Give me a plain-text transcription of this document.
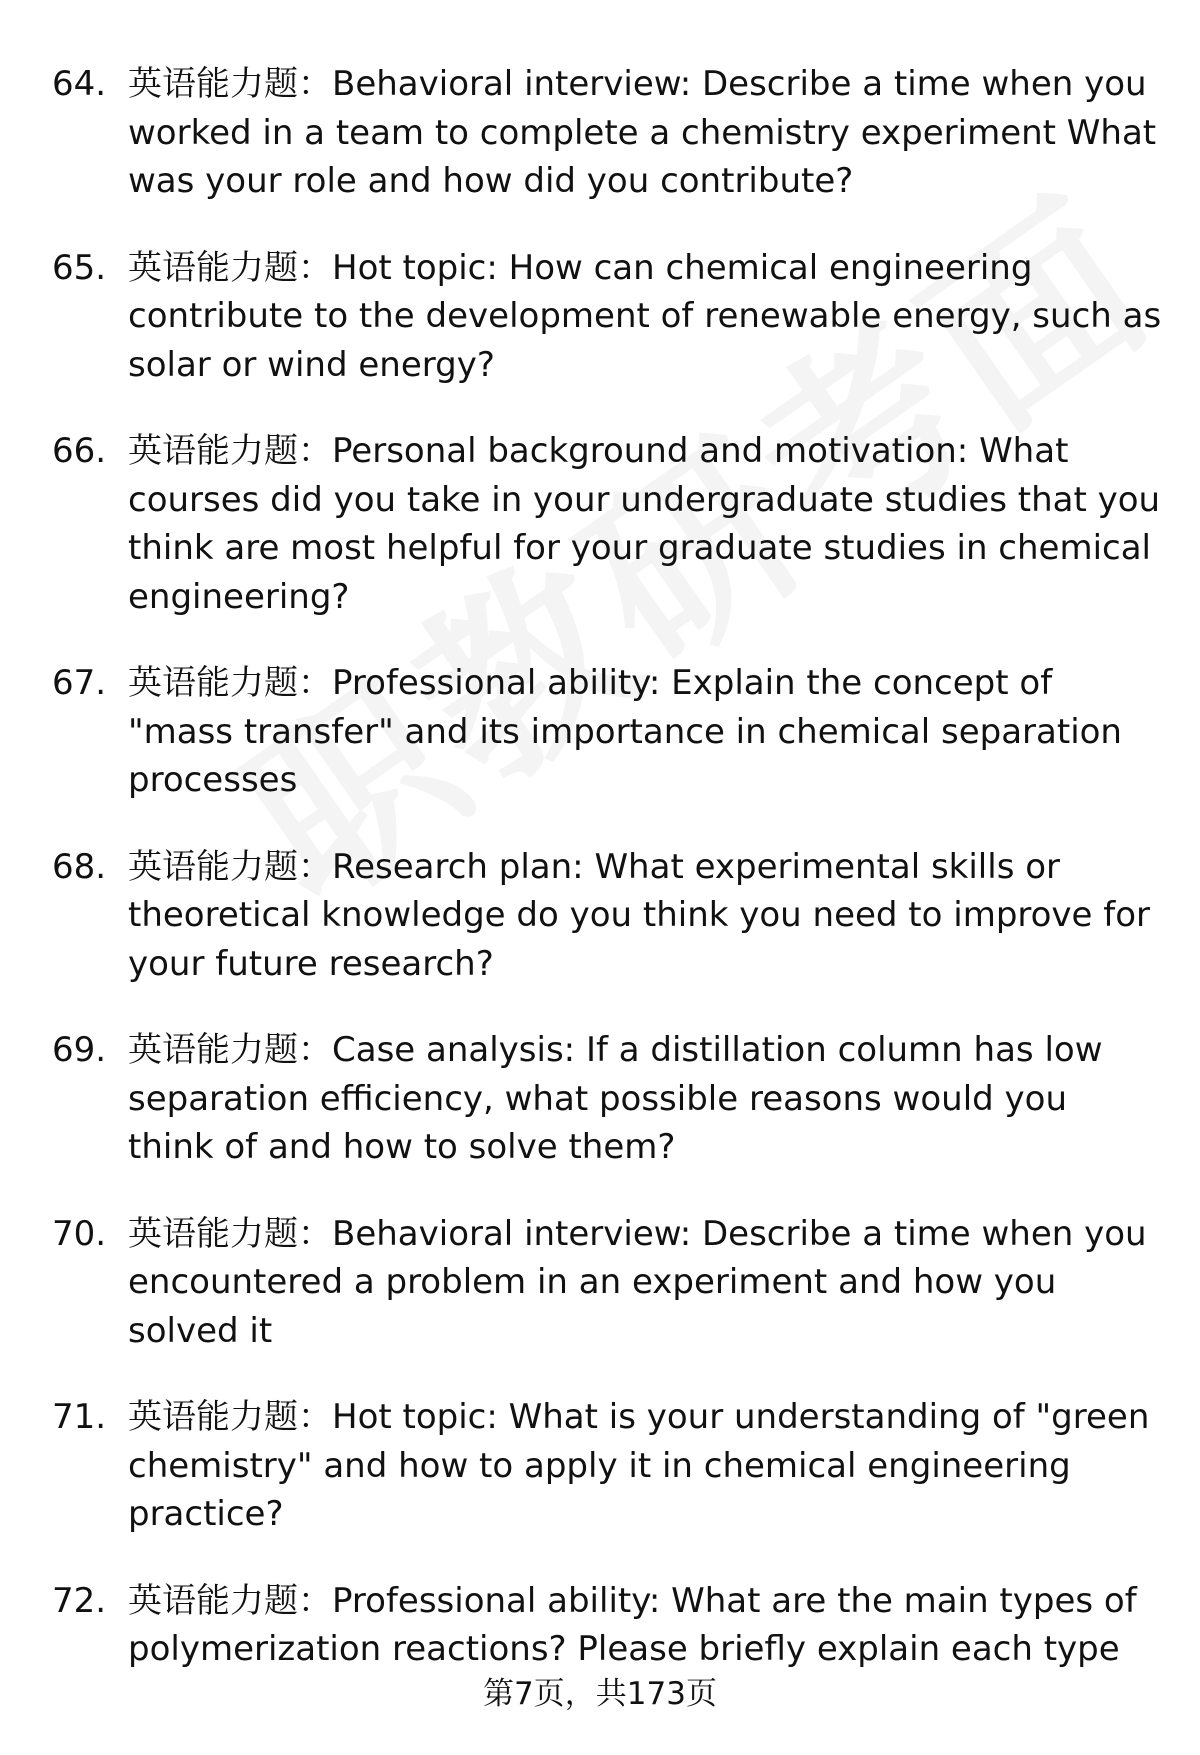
64. 英语能力题：Behavioral interview: Describe a time when you worked in a team to complete a chemistry experiment What was your role and how did you contribute?
65. 英语能力题：Hot topic: How can chemical engineering contribute to the development of renewable energy, such as solar or wind energy?
66. 英语能力题：Personal background and motivation: What courses did you take in your undergraduate studies that you think are most helpful for your graduate studies in chemical engineering?
67. 英语能力题：Professional ability: Explain the concept of "mass transfer" and its importance in chemical separation processes
68. 英语能力题：Research plan: What experimental skills or theoretical knowledge do you think you need to improve for your future research?
69. 英语能力题：Case analysis: If a distillation column has low separation efficiency, what possible reasons would you think of and how to solve them?
70. 英语能力题：Behavioral interview: Describe a time when you encountered a problem in an experiment and how you solved it
71. 英语能力题：Hot topic: What is your understanding of "green chemistry" and how to apply it in chemical engineering practice?
72. 英语能力题：Professional ability: What are the main types of polymerization reactions? Please briefly explain each type
第7页，共173页
